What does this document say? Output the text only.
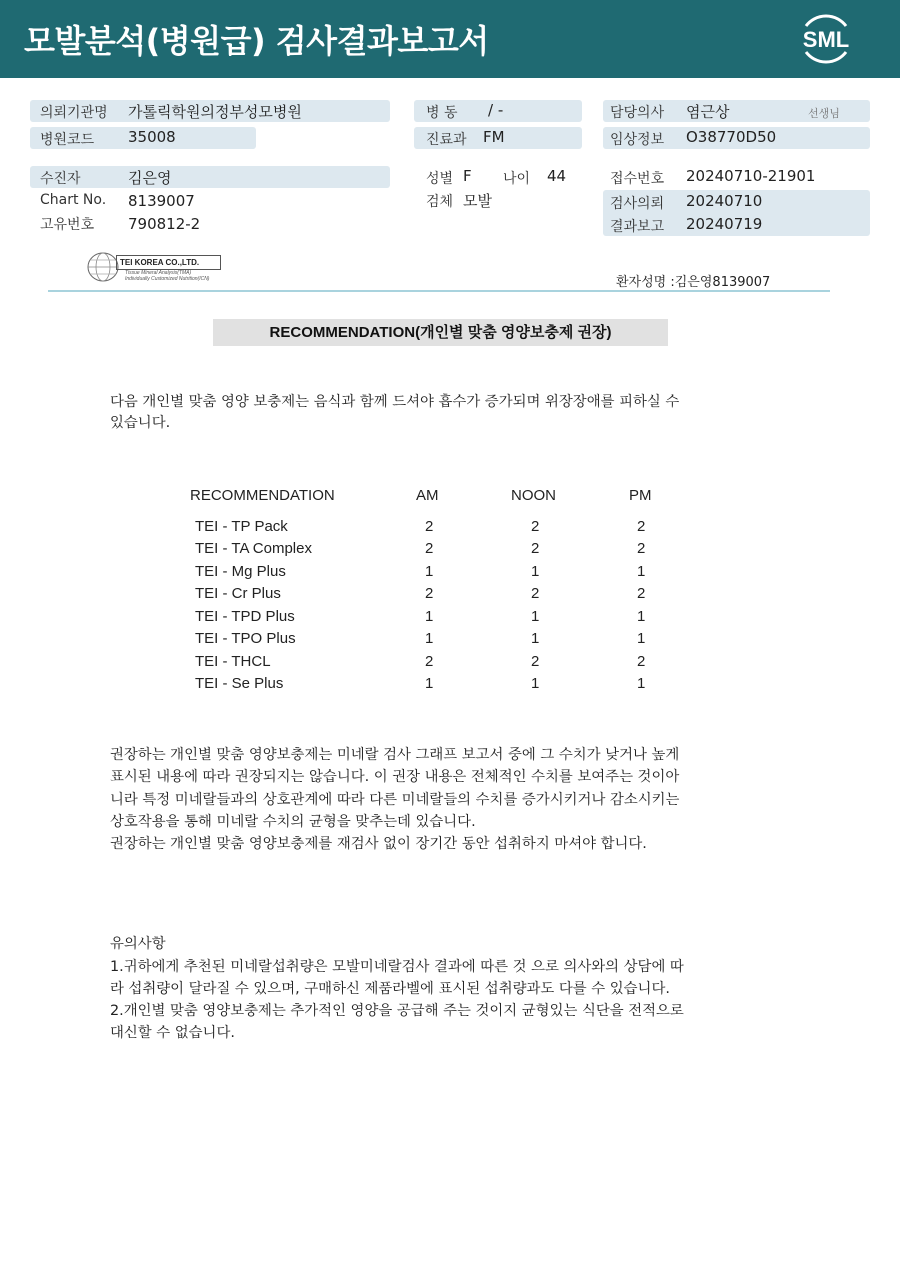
모발분석(병원급) 검사결과보고서	SML
의뢰기관명 가톨릭학원의정부성모병원	병 동 / -	담당의사 염근상	선생님
병원코드 35008	진료과 FM	임상정보 O38770D50
수진자	김은영	성별 F 나이 44	접수번호 20240710-21901
Chart No. 8139007	검체 모발	검사의뢰 20240710
고유번호 790812-2	결과보고 20240719
TEI KOREA CO.,LTD.
Tissue Mineral Analysis(TMA)
Individually Customized Nutrition(ICN)	환자성명 :김은영8139007
RECOMMENDATION(개인별 맞춤 영양보충제 권장)
다음 개인별 맞춤 영양 보충제는 음식과 함께 드셔야 흡수가 증가되며 위장장애를 피하실 수
있습니다.
RECOMMENDATION	AM	NOON	PM
TEI - TP Pack	2	2	2
TEI - TA Complex	2	2	2
TEI - Mg Plus	1	1	1
TEI - Cr Plus	2	2	2
TEI - TPD Plus	1	1	1
TEI - TPO Plus	1	1	1
TEI - THCL	2	2	2
TEI - Se Plus	1	1	1
권장하는 개인별 맞춤 영양보충제는 미네랄 검사 그래프 보고서 중에 그 수치가 낮거나 높게
표시된 내용에 따라 권장되지는 않습니다. 이 권장 내용은 전체적인 수치를 보여주는 것이아
니라 특정 미네랄들과의 상호관계에 따라 다른 미네랄들의 수치를 증가시키거나 감소시키는
상호작용을 통해 미네랄 수치의 균형을 맞추는데 있습니다.
권장하는 개인별 맞춤 영양보충제를 재검사 없이 장기간 동안 섭취하지 마셔야 합니다.
유의사항
1.귀하에게 추천된 미네랄섭취량은 모발미네랄검사 결과에 따른 것 으로 의사와의 상담에 따
라 섭취량이 달라질 수 있으며, 구매하신 제품라벨에 표시된 섭취량과도 다를 수 있습니다.
2.개인별 맞춤 영양보충제는 추가적인 영양을 공급해 주는 것이지 균형있는 식단을 전적으로
대신할 수 없습니다.
